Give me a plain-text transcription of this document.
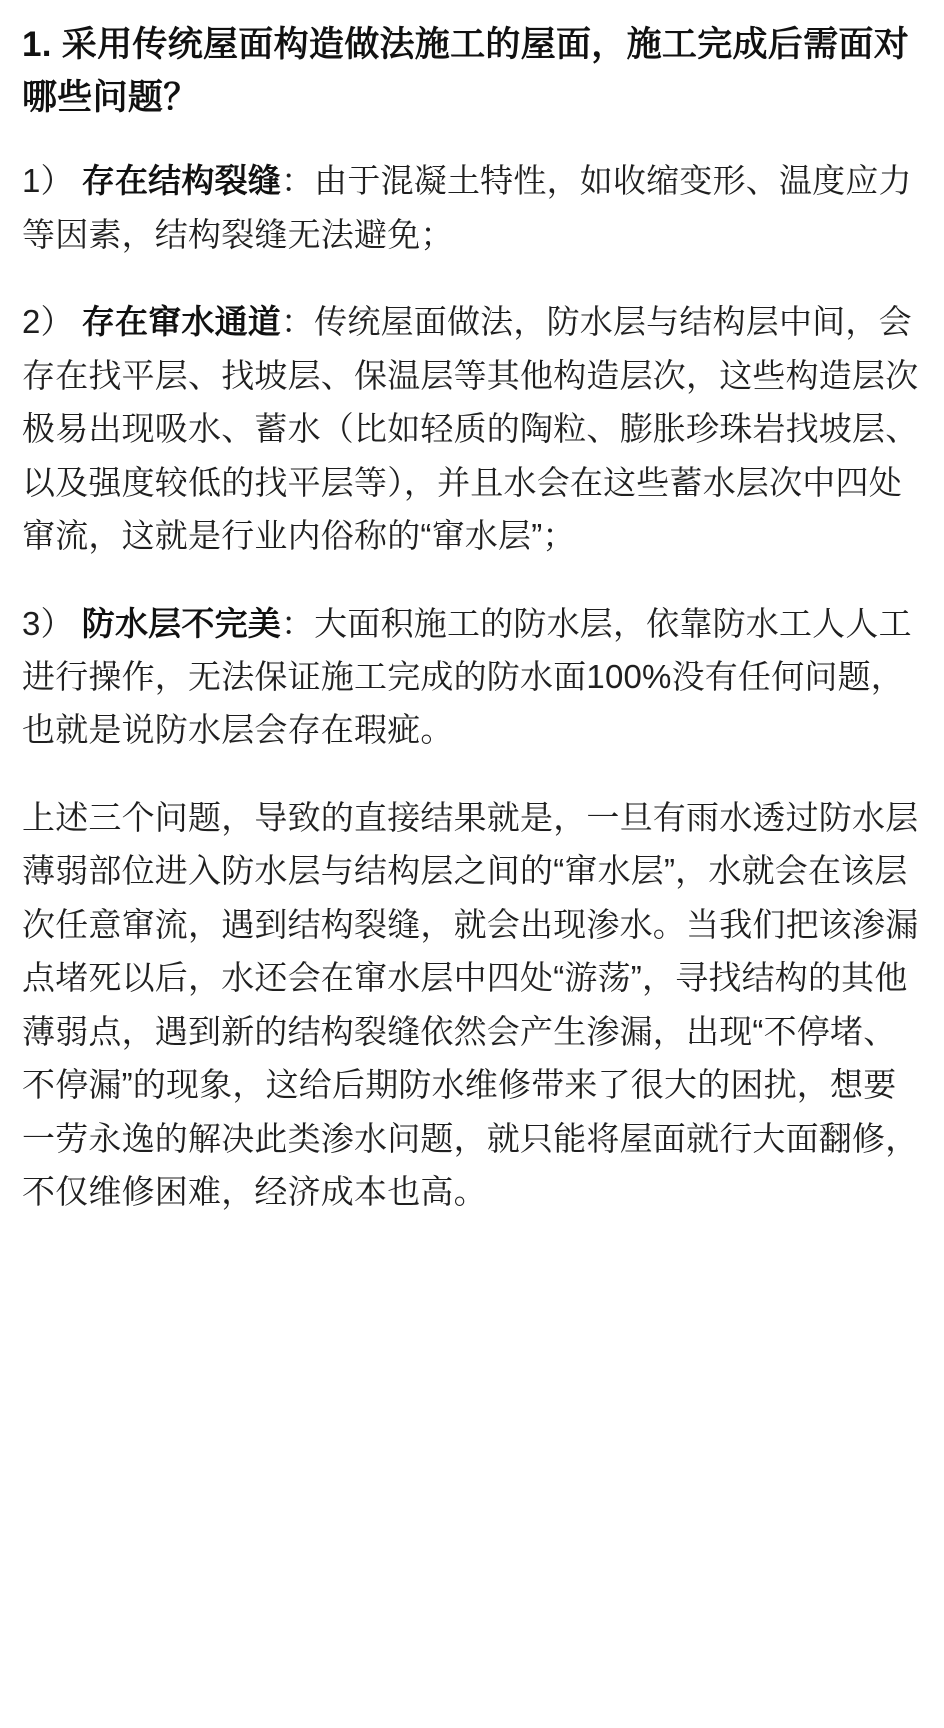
1. 采用传统屋面构造做法施工的屋面，施工完成后需面对哪些问题？

1） 存在结构裂缝：由于混凝土特性，如收缩变形、温度应力等因素，结构裂缝无法避免；

2） 存在窜水通道：传统屋面做法，防水层与结构层中间，会存在找平层、找坡层、保温层等其他构造层次，这些构造层次极易出现吸水、蓄水（比如轻质的陶粒、膨胀珍珠岩找坡层、以及强度较低的找平层等），并且水会在这些蓄水层次中四处窜流，这就是行业内俗称的“窜水层”；

3） 防水层不完美：大面积施工的防水层，依靠防水工人人工进行操作，无法保证施工完成的防水面100%没有任何问题，也就是说防水层会存在瑕疵。

上述三个问题，导致的直接结果就是，一旦有雨水透过防水层薄弱部位进入防水层与结构层之间的“窜水层”，水就会在该层次任意窜流，遇到结构裂缝，就会出现渗水。当我们把该渗漏点堵死以后，水还会在窜水层中四处“游荡”，寻找结构的其他薄弱点，遇到新的结构裂缝依然会产生渗漏，出现“不停堵、不停漏”的现象，这给后期防水维修带来了很大的困扰，想要一劳永逸的解决此类渗水问题，就只能将屋面就行大面翻修，不仅维修困难，经济成本也高。
